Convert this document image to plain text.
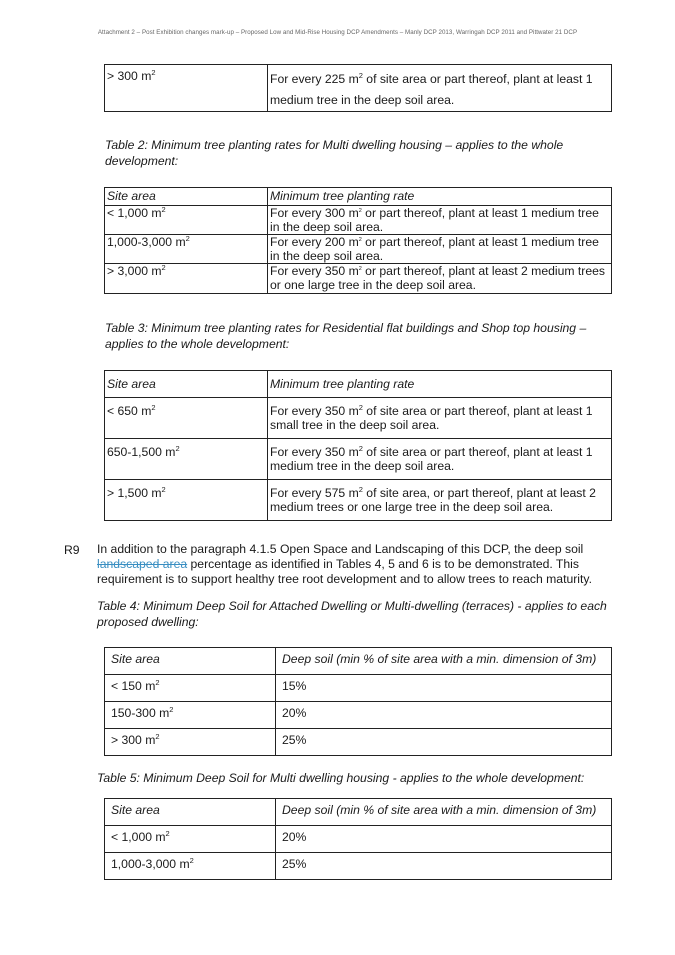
Attachment 2 – Post Exhibition changes mark-up – Proposed Low and Mid-Rise Housing DCP Amendments – Manly DCP 2013, Warringah DCP 2011 and Pittwater 21 DCP
> 300 $m^2$	For every 225 $m^2$ of site area or part thereof, plant at least 1 medium tree in the deep soil area.
Table 2: Minimum tree planting rates for Multi dwelling housing – applies to the whole development:
Site area	Minimum tree planting rate
< 1,000 $m^2$	For every 300 $m^2$ or part thereof, plant at least 1 medium tree in the deep soil area.
1,000-3,000 $m^2$	For every 200 $m^2$ or part thereof, plant at least 1 medium tree in the deep soil area.
> 3,000 $m^2$	For every 350 $m^2$ or part thereof, plant at least 2 medium trees or one large tree in the deep soil area.
Table 3: Minimum tree planting rates for Residential flat buildings and Shop top housing – applies to the whole development:
Site area	Minimum tree planting rate
< 650 $m^2$	For every 350 $m^2$ of site area or part thereof, plant at least 1 small tree in the deep soil area.
650-1,500 $m^2$	For every 350 $m^2$ of site area or part thereof, plant at least 1 medium tree in the deep soil area.
> 1,500 $m^2$	For every 575 $m^2$ of site area, or part thereof, plant at least 2 medium trees or one large tree in the deep soil area.
R9 In addition to the paragraph 4.1.5 Open Space and Landscaping of this DCP, the deep soil landscaped area percentage as identified in Tables 4, 5 and 6 is to be demonstrated. This requirement is to support healthy tree root development and to allow trees to reach maturity.
Table 4: Minimum Deep Soil for Attached Dwelling or Multi-dwelling (terraces) - applies to each proposed dwelling:
Site area	Deep soil (min % of site area with a min. dimension of 3m)
< 150 $m^2$	15%
150-300 $m^2$	20%
> 300 $m^2$	25%
Table 5: Minimum Deep Soil for Multi dwelling housing - applies to the whole development:
Site area	Deep soil (min % of site area with a min. dimension of 3m)
< 1,000 $m^2$	20%
1,000-3,000 $m^2$	25%
